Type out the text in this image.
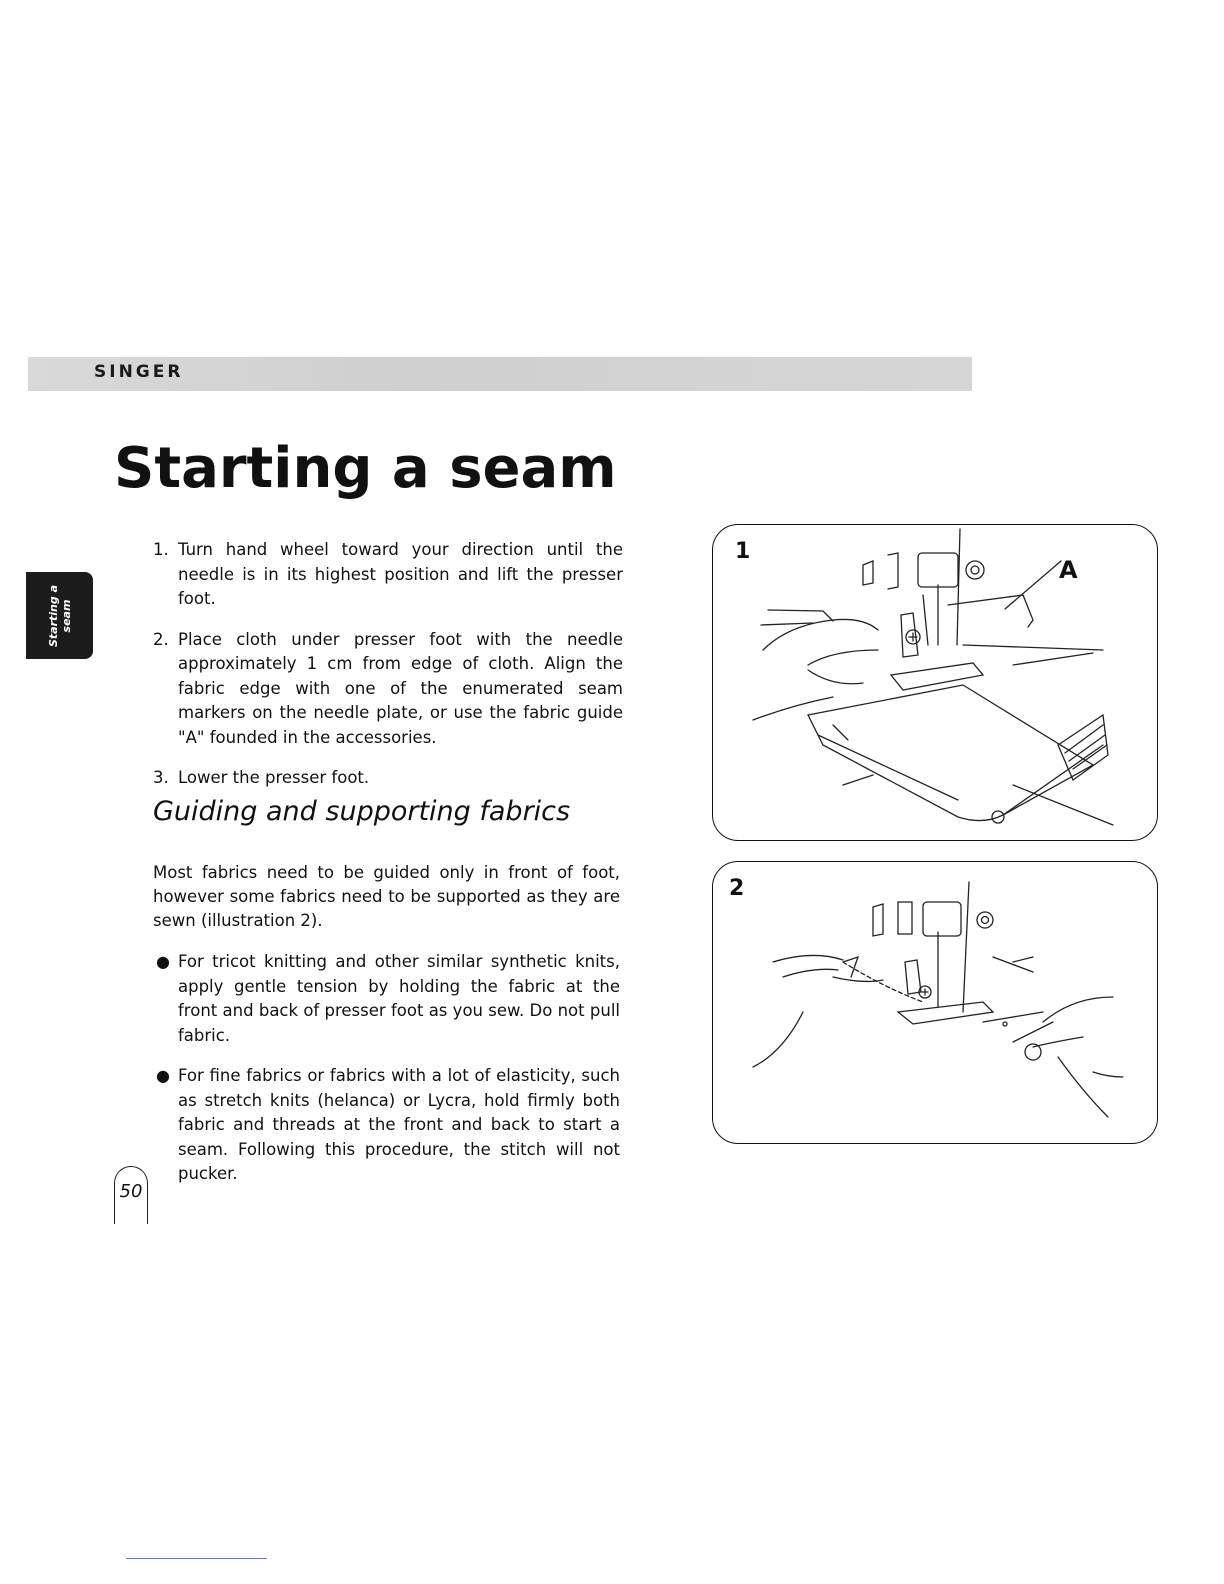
SINGER
Starting a seam
Starting a seam
1. Turn hand wheel toward your direction until the needle is in its highest position and lift the presser foot.
2. Place cloth under presser foot with the needle approximately 1 cm from edge of cloth. Align the fabric edge with one of the enumerated seam markers on the needle plate, or use the fabric guide "A" founded in the accessories.
3. Lower the presser foot.
Guiding and supporting fabrics

Most fabrics need to be guided only in front of foot, however some fabrics need to be supported as they are sewn (illustration 2).

● For tricot knitting and other similar synthetic knits, apply gentle tension by holding the fabric at the front and back of presser foot as you sew. Do not pull fabric.
● For fine fabrics or fabrics with a lot of elasticity, such as stretch knits (helanca) or Lycra, hold firmly both fabric and threads at the front and back to start a seam. Following this procedure, the stitch will not pucker.
1
A
2
50
